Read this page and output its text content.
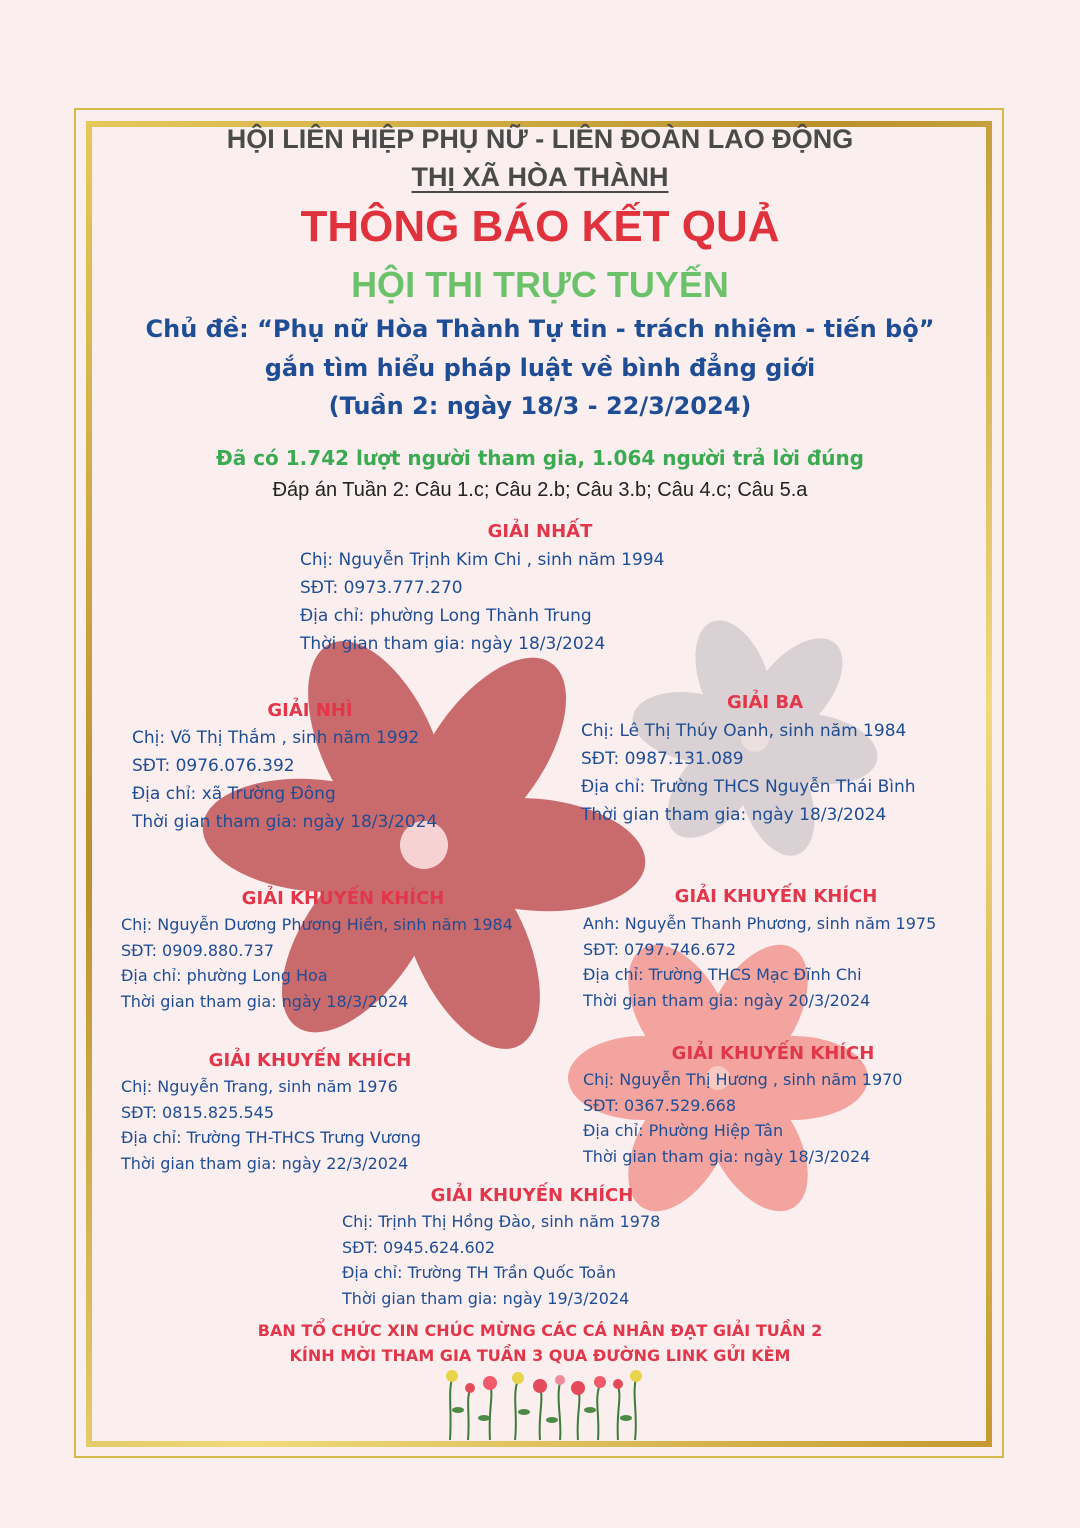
HỘI LIÊN HIỆP PHỤ NỮ - LIÊN ĐOÀN LAO ĐỘNG
THỊ XÃ HÒA THÀNH
THÔNG BÁO KẾT QUẢ
HỘI THI TRỰC TUYẾN
Chủ đề: “Phụ nữ Hòa Thành Tự tin - trách nhiệm - tiến bộ”
gắn tìm hiểu pháp luật về bình đẳng giới
(Tuần 2: ngày 18/3 - 22/3/2024)
Đã có 1.742 lượt người tham gia, 1.064 người trả lời đúng
Đáp án Tuần 2: Câu 1.c; Câu 2.b; Câu 3.b; Câu 4.c; Câu 5.a
GIẢI NHẤT
Chị: Nguyễn Trịnh Kim Chi , sinh năm 1994
SĐT: 0973.777.270
Địa chỉ: phường Long Thành Trung
Thời gian tham gia: ngày 18/3/2024
GIẢI NHÌ
Chị: Võ Thị Thắm , sinh năm 1992
SĐT: 0976.076.392
Địa chỉ: xã Trường Đông
Thời gian tham gia: ngày 18/3/2024
GIẢI BA
Chị: Lê Thị Thúy Oanh, sinh năm 1984
SĐT: 0987.131.089
Địa chỉ: Trường THCS Nguyễn Thái Bình
Thời gian tham gia: ngày 18/3/2024
GIẢI KHUYẾN KHÍCH
Chị: Nguyễn Dương Phương Hiền, sinh năm 1984
SĐT: 0909.880.737
Địa chỉ: phường Long Hoa
Thời gian tham gia: ngày 18/3/2024
GIẢI KHUYẾN KHÍCH
Anh: Nguyễn Thanh Phương, sinh năm 1975
SĐT: 0797.746.672
Địa chỉ: Trường THCS Mạc Đĩnh Chi
Thời gian tham gia: ngày 20/3/2024
GIẢI KHUYẾN KHÍCH
Chị: Nguyễn Trang, sinh năm 1976
SĐT: 0815.825.545
Địa chỉ: Trường TH-THCS Trưng Vương
Thời gian tham gia: ngày 22/3/2024
GIẢI KHUYẾN KHÍCH
Chị: Nguyễn Thị Hương , sinh năm 1970
SĐT: 0367.529.668
Địa chỉ: Phường Hiệp Tân
Thời gian tham gia: ngày 18/3/2024
GIẢI KHUYẾN KHÍCH
Chị: Trịnh Thị Hồng Đào, sinh năm 1978
SĐT: 0945.624.602
Địa chỉ: Trường TH Trần Quốc Toản
Thời gian tham gia: ngày 19/3/2024
BAN TỔ CHỨC XIN CHÚC MỪNG CÁC CÁ NHÂN ĐẠT GIẢI TUẦN 2
KÍNH MỜI THAM GIA TUẦN 3 QUA ĐƯỜNG LINK GỬI KÈM
